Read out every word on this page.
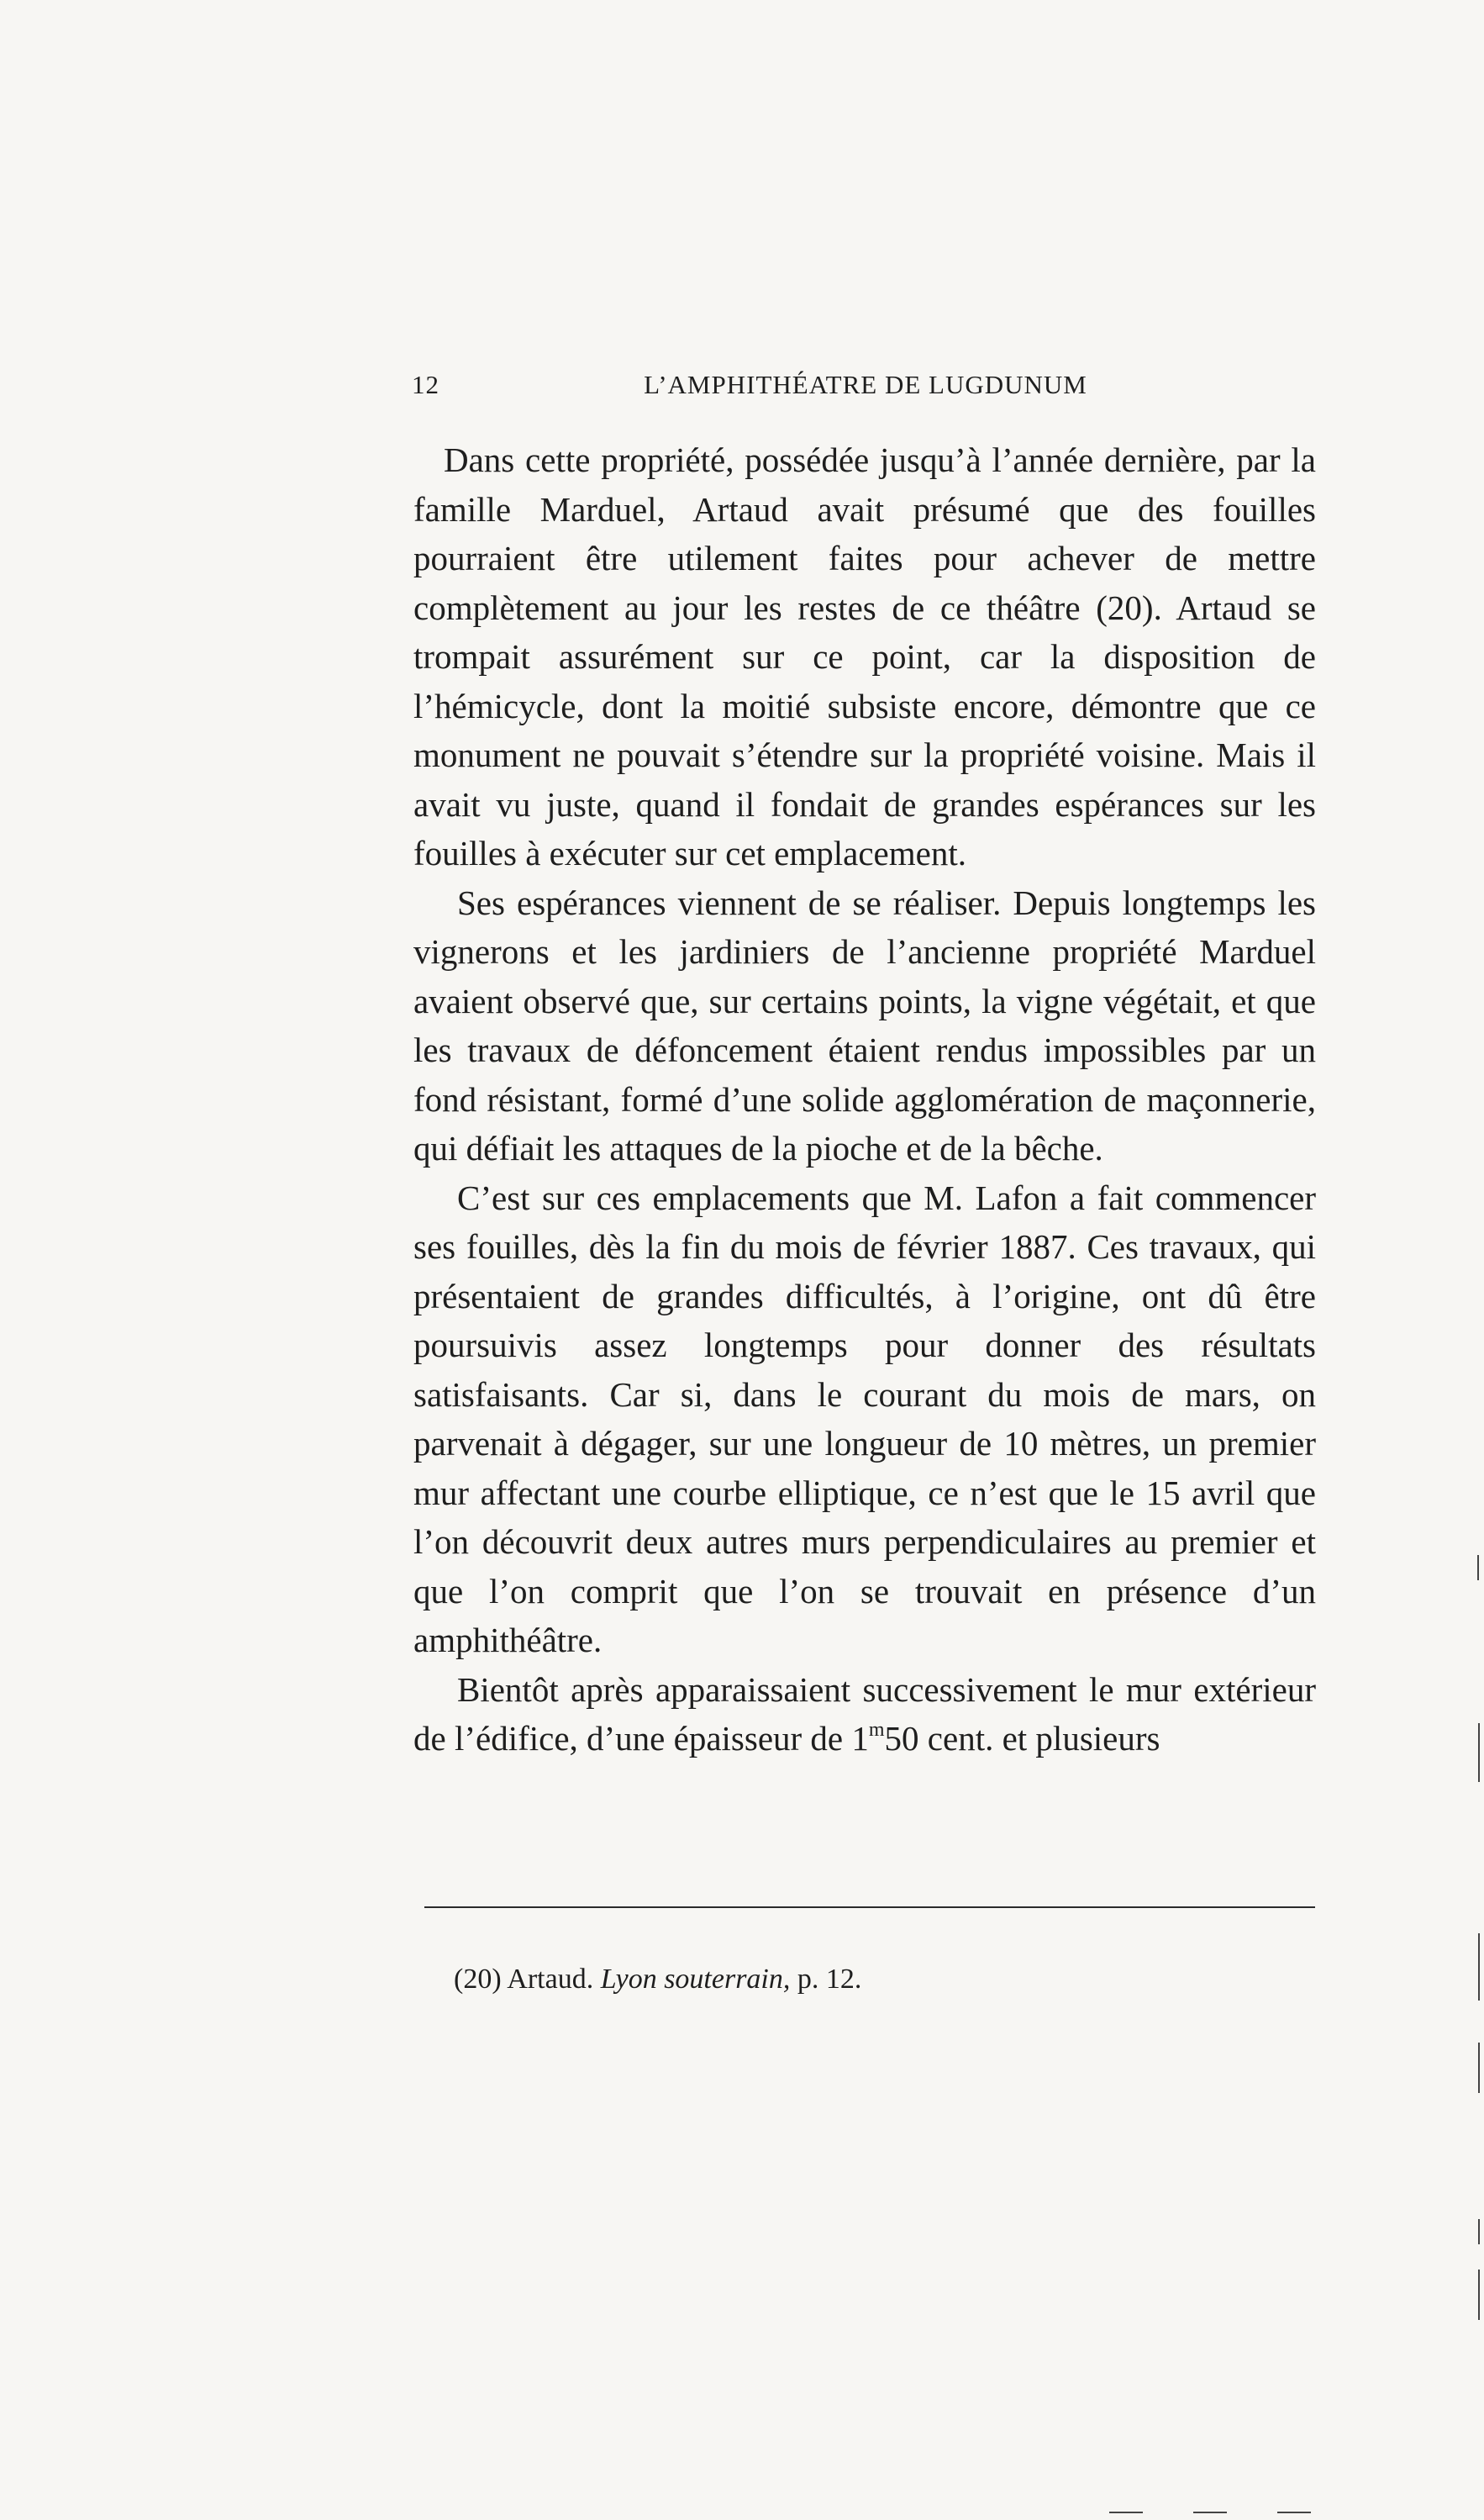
12	L’AMPHITHÉATRE DE LUGDUNUM

Dans cette propriété, possédée jusqu’à l’année dernière, par la famille Marduel, Artaud avait présumé que des fouilles pourraient être utilement faites pour achever de mettre complètement au jour les restes de ce théâtre (20). Artaud se trompait assurément sur ce point, car la disposition de l’hémicycle, dont la moitié subsiste encore, démontre que ce monument ne pouvait s’étendre sur la propriété voisine. Mais il avait vu juste, quand il fondait de grandes espérances sur les fouilles à exécuter sur cet emplacement.

Ses espérances viennent de se réaliser. Depuis longtemps les vignerons et les jardiniers de l’ancienne propriété Marduel avaient observé que, sur certains points, la vigne végétait, et que les travaux de défoncement étaient rendus impossibles par un fond résistant, formé d’une solide agglomération de maçonnerie, qui défiait les attaques de la pioche et de la bêche.

C’est sur ces emplacements que M. Lafon a fait commencer ses fouilles, dès la fin du mois de février 1887. Ces travaux, qui présentaient de grandes difficultés, à l’origine, ont dû être poursuivis assez longtemps pour donner des résultats satisfaisants. Car si, dans le courant du mois de mars, on parvenait à dégager, sur une longueur de 10 mètres, un premier mur affectant une courbe elliptique, ce n’est que le 15 avril que l’on découvrit deux autres murs perpendiculaires au premier et que l’on comprit que l’on se trouvait en présence d’un amphithéâtre.

Bientôt après apparaissaient successivement le mur extérieur de l’édifice, d’une épaisseur de 1$^m$50 cent. et plusieurs

(20) Artaud. Lyon souterrain, p. 12.
